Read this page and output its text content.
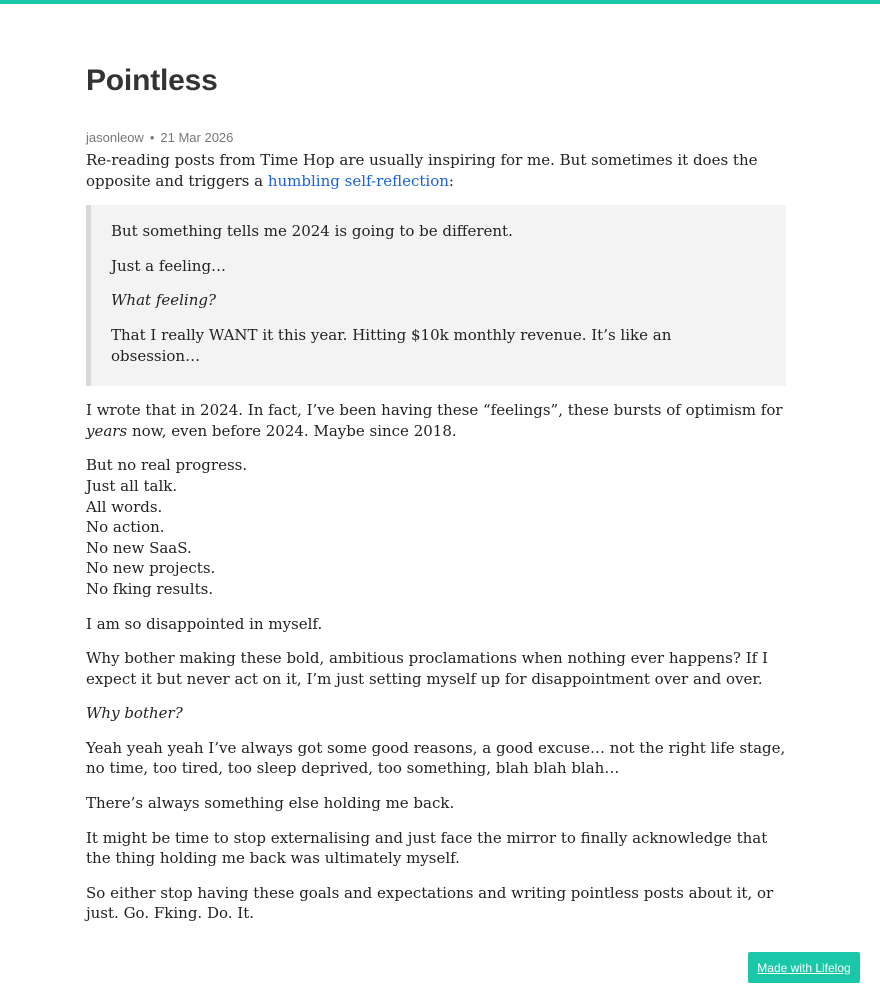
Pointless
jasonleow • 21 Mar 2026

Re-reading posts from Time Hop are usually inspiring for me. But sometimes it does the opposite and triggers a humbling self-reflection:

But something tells me 2024 is going to be different.

Just a feeling…

What feeling?

That I really WANT it this year. Hitting $10k monthly revenue. It’s like an obsession…

I wrote that in 2024. In fact, I’ve been having these “feelings”, these bursts of optimism for years now, even before 2024. Maybe since 2018.

But no real progress.
Just all talk.
All words.
No action.
No new SaaS.
No new projects.
No fking results.

I am so disappointed in myself.

Why bother making these bold, ambitious proclamations when nothing ever happens? If I expect it but never act on it, I’m just setting myself up for disappointment over and over.

Why bother?

Yeah yeah yeah I’ve always got some good reasons, a good excuse… not the right life stage, no time, too tired, too sleep deprived, too something, blah blah blah…

There’s always something else holding me back.

It might be time to stop externalising and just face the mirror to finally acknowledge that the thing holding me back was ultimately myself.

So either stop having these goals and expectations and writing pointless posts about it, or just. Go. Fking. Do. It.

Made with Lifelog
